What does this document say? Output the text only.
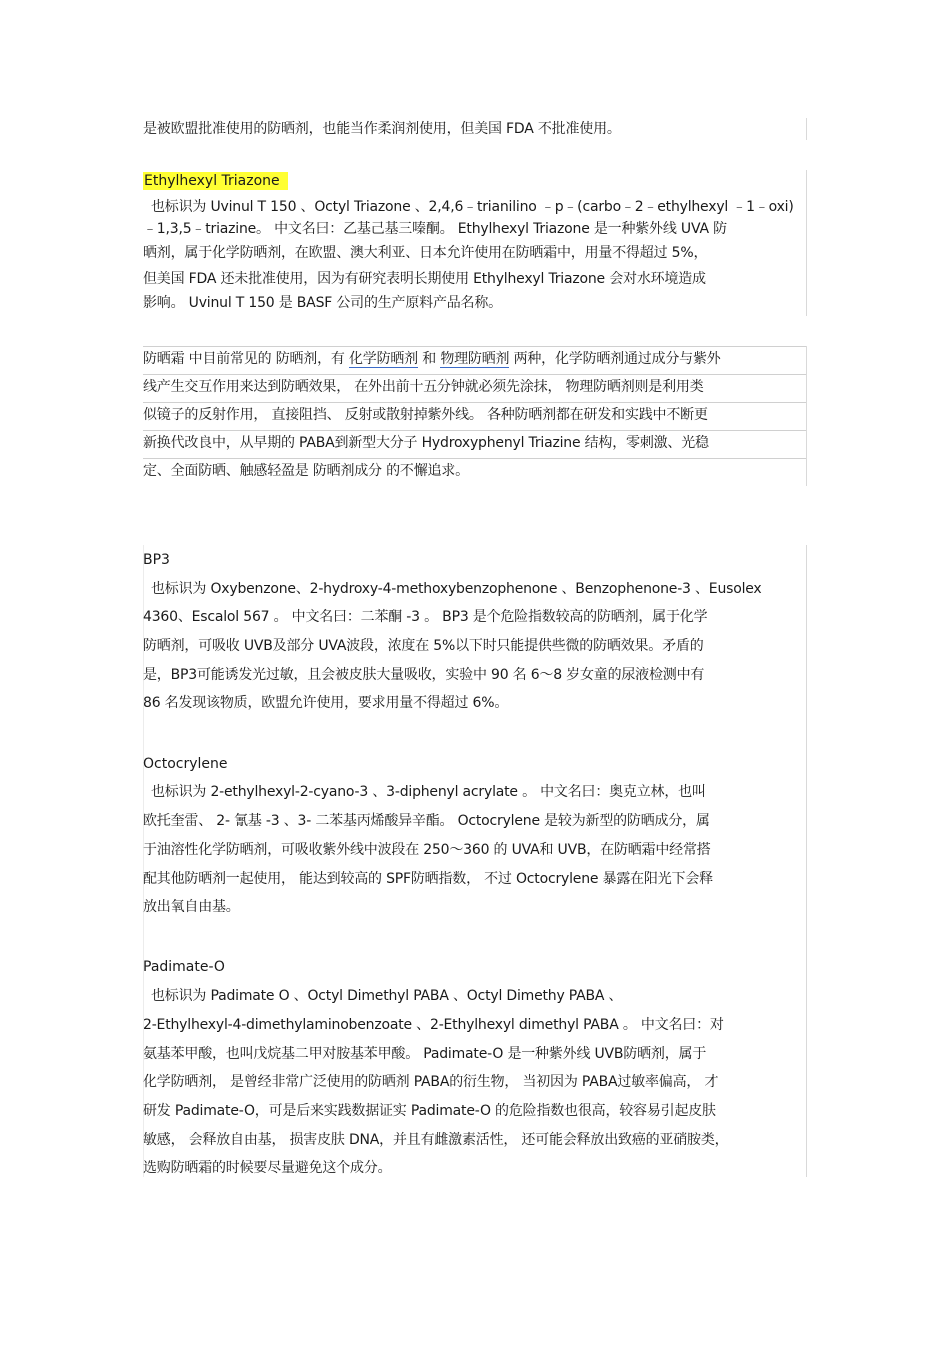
是被欧盟批准使用的防晒剂，也能当作柔润剂使用，但美国 FDA 不批准使用。
Ethylhexyl Triazone
也标识为 Uvinul T 150 、Octyl Triazone 、2,4,6﹣trianilino ﹣p﹣(carbo﹣2﹣ethylhexyl ﹣1﹣oxi)
﹣1,3,5﹣triazine。 中文名曰：乙基己基三嗪酮。 Ethylhexyl Triazone 是一种紫外线 UVA 防
晒剂，属于化学防晒剂，在欧盟、澳大利亚、日本允许使用在防晒霜中，用量不得超过 5%，
但美国 FDA 还未批准使用，因为有研究表明长期使用 Ethylhexyl Triazone 会对水环境造成
影响。 Uvinul T 150 是 BASF 公司的生产原料产品名称。
防晒霜 中目前常见的 防晒剂，有 化学防晒剂 和 物理防晒剂 两种，化学防晒剂通过成分与紫外
线产生交互作用来达到防晒效果， 在外出前十五分钟就必须先涂抹， 物理防晒剂则是利用类
似镜子的反射作用， 直接阻挡、 反射或散射掉紫外线。 各种防晒剂都在研发和实践中不断更
新换代改良中，从早期的 PABA到新型大分子 Hydroxyphenyl Triazine 结构，零刺激、光稳
定、全面防晒、触感轻盈是 防晒剂成分 的不懈追求。
BP3
也标识为 Oxybenzone、2-hydroxy-4-methoxybenzophenone 、Benzophenone-3 、Eusolex
4360、Escalol 567 。 中文名曰：二苯酮 -3 。 BP3 是个危险指数较高的防晒剂，属于化学
防晒剂，可吸收 UVB及部分 UVA波段，浓度在 5%以下时只能提供些微的防晒效果。矛盾的
是，BP3可能诱发光过敏，且会被皮肤大量吸收，实验中 90 名 6～8 岁女童的尿液检测中有
86 名发现该物质，欧盟允许使用，要求用量不得超过 6%。
Octocrylene
也标识为 2-ethylhexyl-2-cyano-3 、3-diphenyl acrylate 。 中文名曰：奥克立林，也叫
欧托奎雷、 2- 氰基 -3 、3- 二苯基丙烯酸异辛酯。 Octocrylene 是较为新型的防晒成分，属
于油溶性化学防晒剂，可吸收紫外线中波段在 250～360 的 UVA和 UVB，在防晒霜中经常搭
配其他防晒剂一起使用， 能达到较高的 SPF防晒指数， 不过 Octocrylene 暴露在阳光下会释
放出氧自由基。
Padimate-O
也标识为 Padimate O 、Octyl Dimethyl PABA 、Octyl Dimethy PABA 、
2-Ethylhexyl-4-dimethylaminobenzoate 、2-Ethylhexyl dimethyl PABA 。 中文名曰：对
氨基苯甲酸，也叫戊烷基二甲对胺基苯甲酸。 Padimate-O 是一种紫外线 UVB防晒剂，属于
化学防晒剂， 是曾经非常广泛使用的防晒剂 PABA的衍生物， 当初因为 PABA过敏率偏高， 才
研发 Padimate-O，可是后来实践数据证实 Padimate-O 的危险指数也很高，较容易引起皮肤
敏感， 会释放自由基， 损害皮肤 DNA，并且有雌激素活性， 还可能会释放出致癌的亚硝胺类，
选购防晒霜的时候要尽量避免这个成分。
